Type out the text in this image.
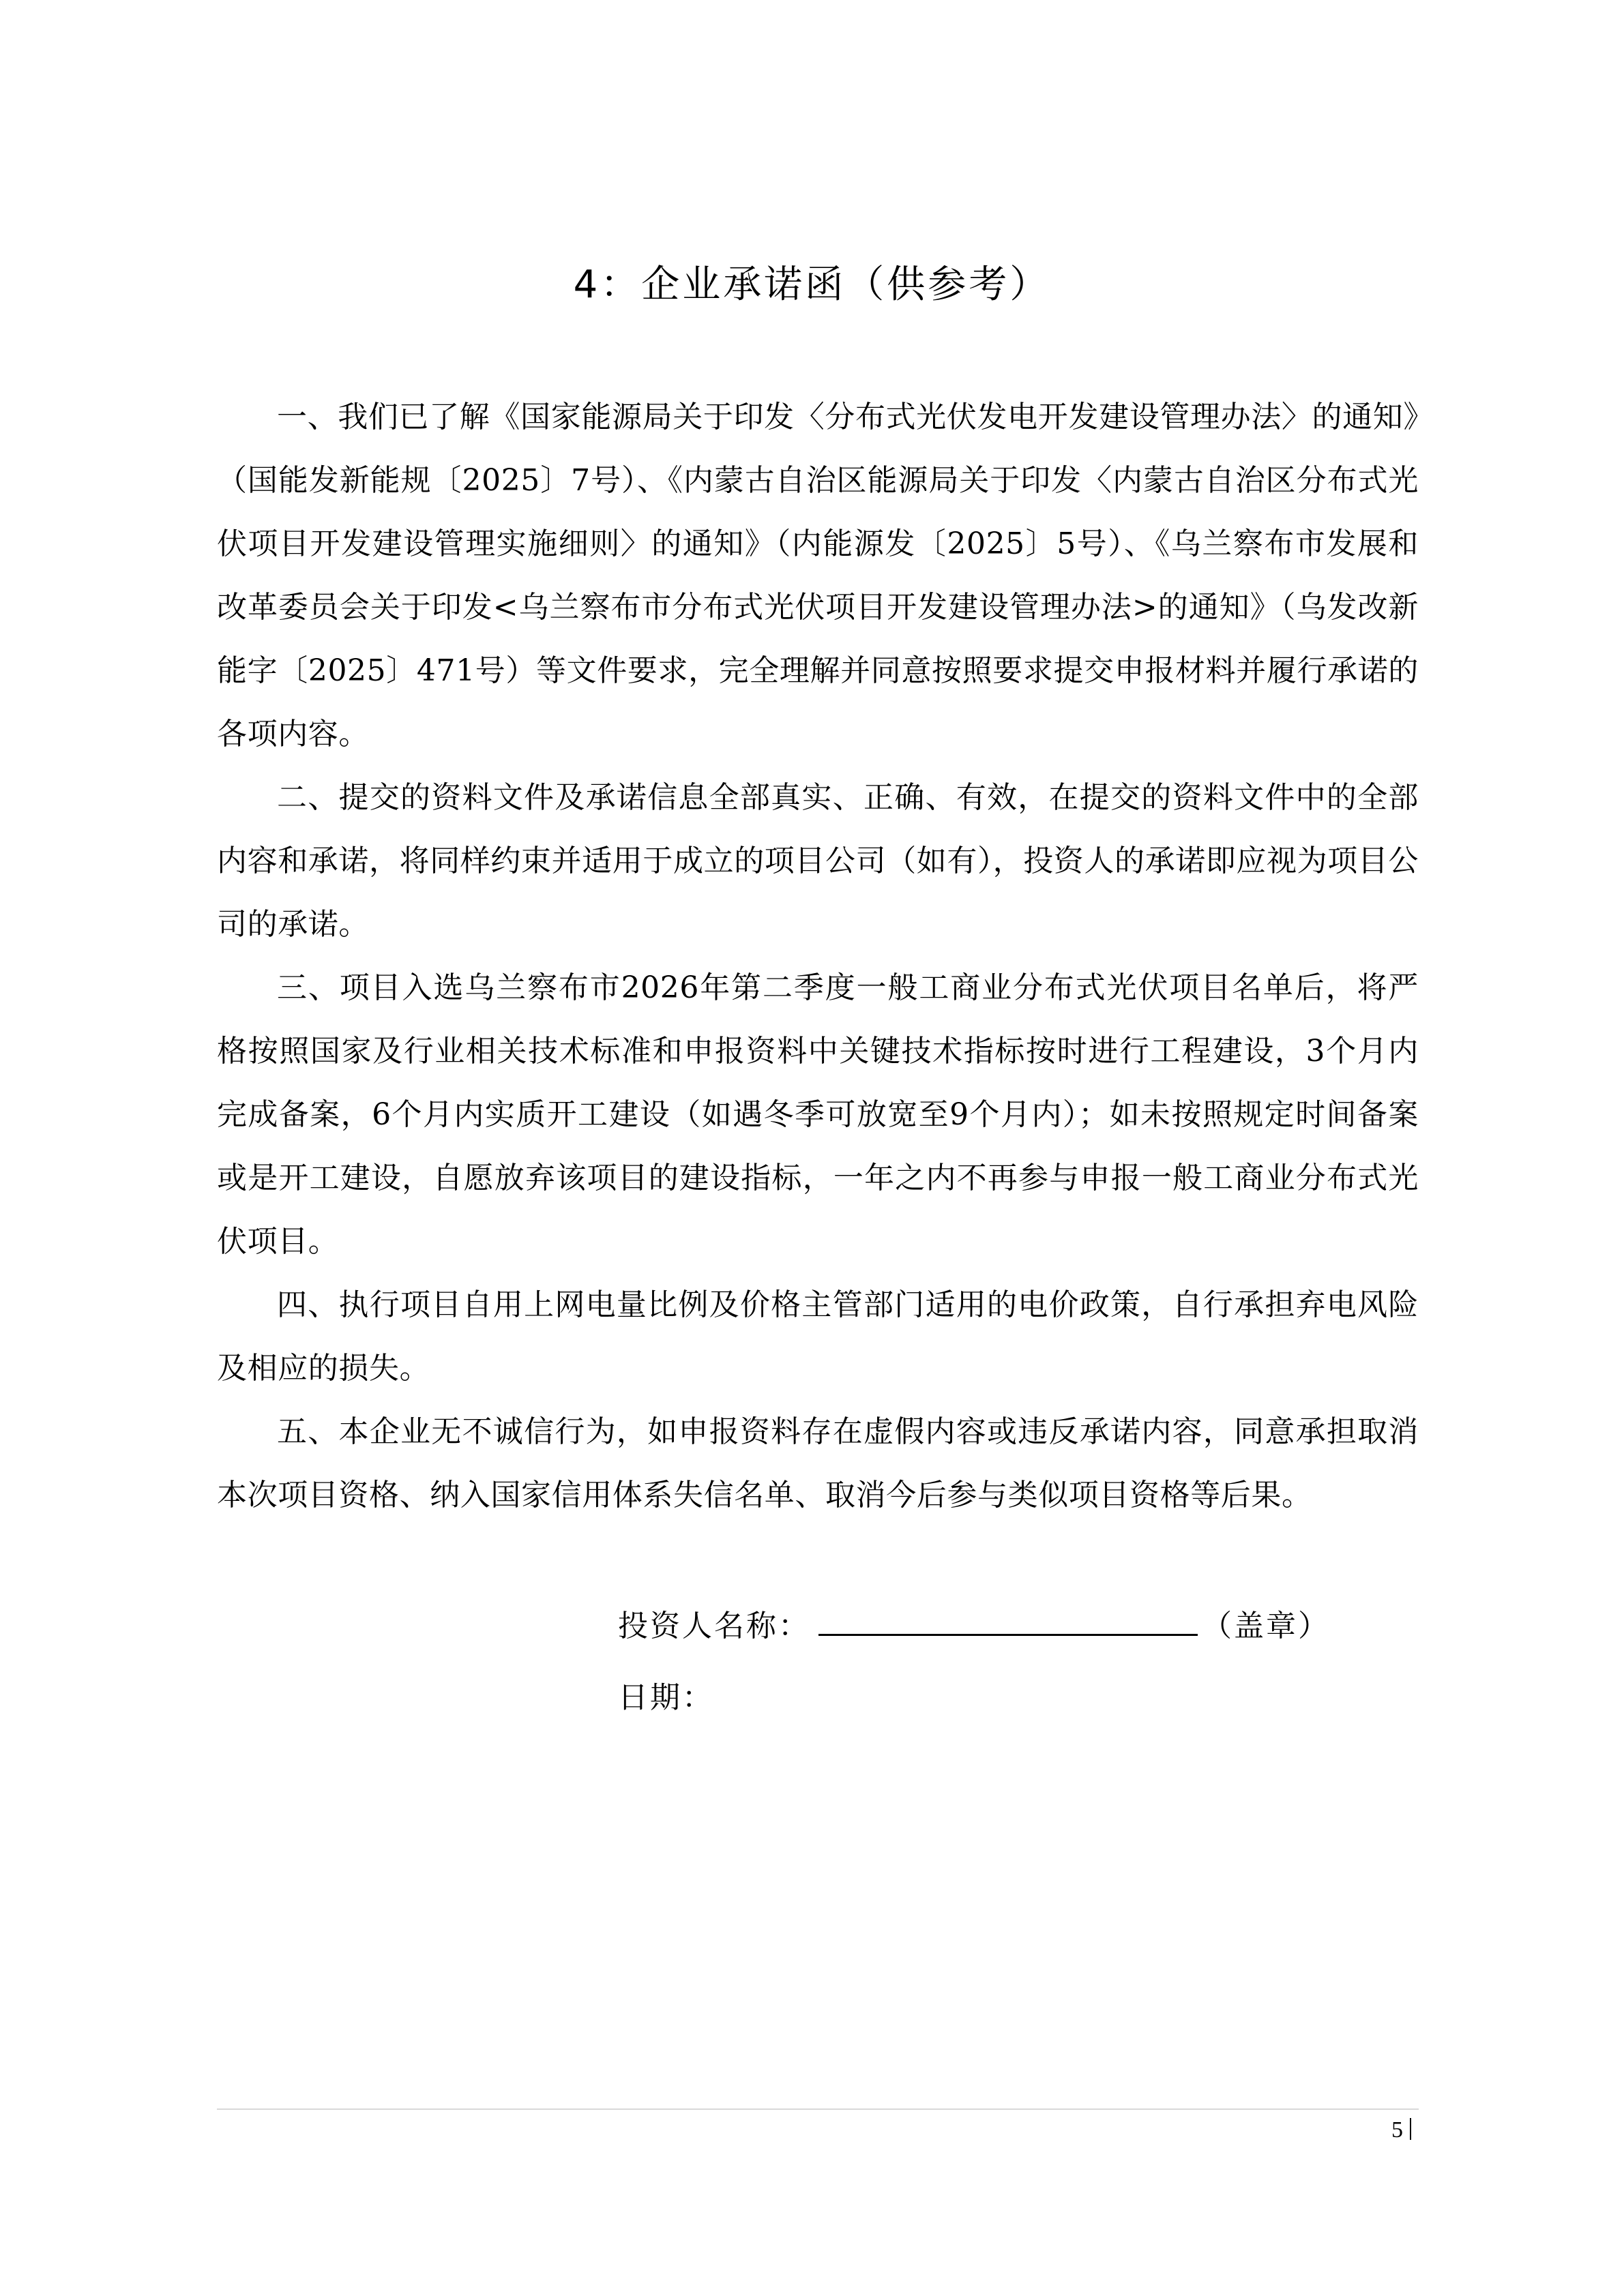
4：企业承诺函（供参考）

一、我们已了解《国家能源局关于印发〈分布式光伏发电开发建设管理办法〉的通知》（国能发新能规〔2025〕7号）、《内蒙古自治区能源局关于印发〈内蒙古自治区分布式光伏项目开发建设管理实施细则〉的通知》（内能源发〔2025〕5号）、《乌兰察布市发展和改革委员会关于印发<乌兰察布市分布式光伏项目开发建设管理办法>的通知》（乌发改新能字〔2025〕471号）等文件要求，完全理解并同意按照要求提交申报材料并履行承诺的各项内容。

二、提交的资料文件及承诺信息全部真实、正确、有效，在提交的资料文件中的全部内容和承诺，将同样约束并适用于成立的项目公司（如有），投资人的承诺即应视为项目公司的承诺。

三、项目入选乌兰察布市2026年第二季度一般工商业分布式光伏项目名单后，将严格按照国家及行业相关技术标准和申报资料中关键技术指标按时进行工程建设，3个月内完成备案，6个月内实质开工建设（如遇冬季可放宽至9个月内）；如未按照规定时间备案或是开工建设，自愿放弃该项目的建设指标，一年之内不再参与申报一般工商业分布式光伏项目。

四、执行项目自用上网电量比例及价格主管部门适用的电价政策，自行承担弃电风险及相应的损失。

五、本企业无不诚信行为，如申报资料存在虚假内容或违反承诺内容，同意承担取消本次项目资格、纳入国家信用体系失信名单、取消今后参与类似项目资格等后果。

投资人名称：	（盖章）
日期：
5
